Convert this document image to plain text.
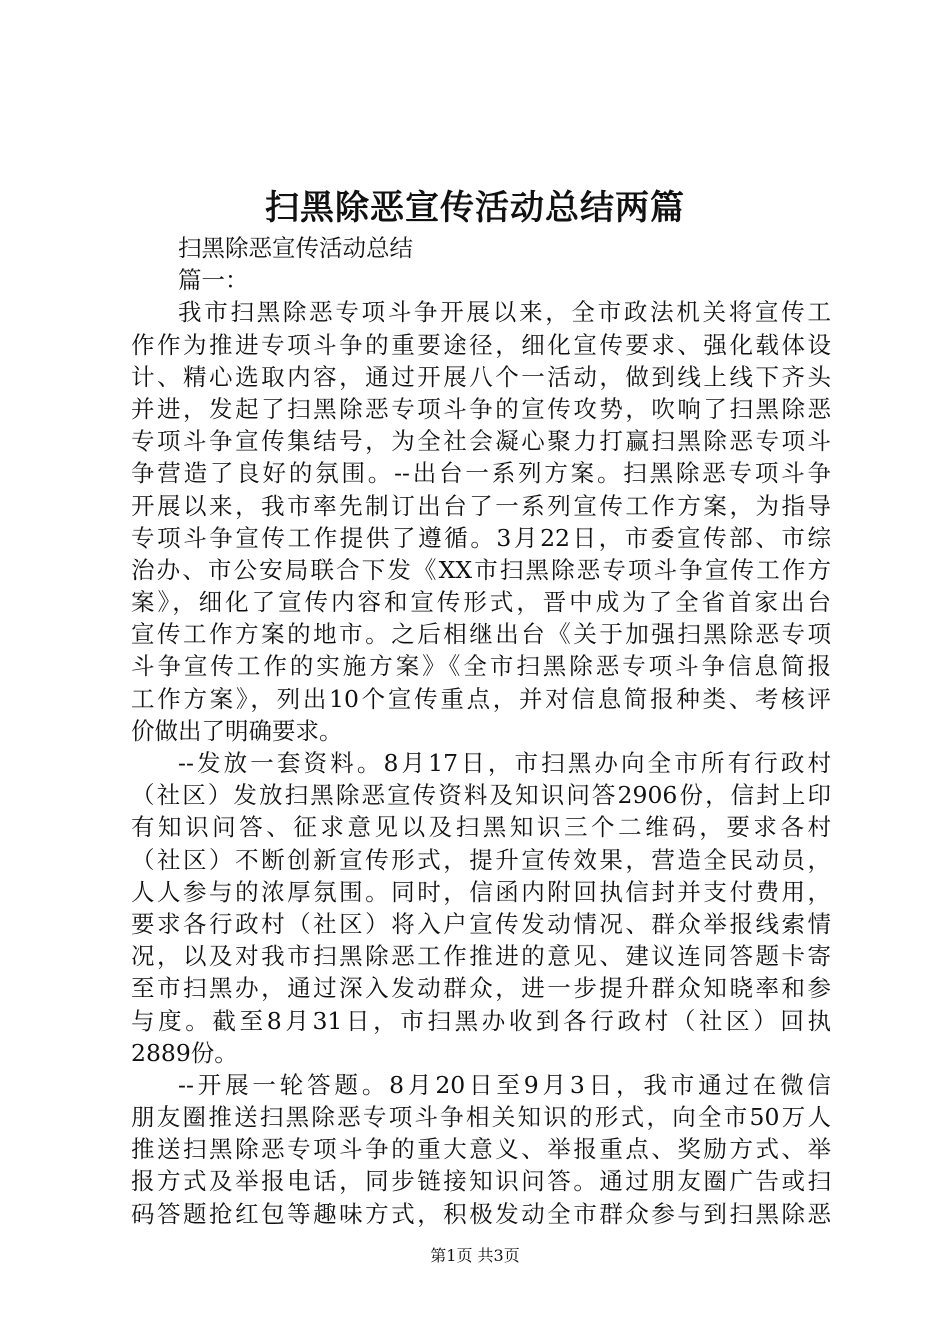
扫黑除恶宣传活动总结两篇
扫黑除恶宣传活动总结
篇一：
我市扫黑除恶专项斗争开展以来，全市政法机关将宣传工
作作为推进专项斗争的重要途径，细化宣传要求、强化载体设
计、精心选取内容，通过开展八个一活动，做到线上线下齐头
并进，发起了扫黑除恶专项斗争的宣传攻势，吹响了扫黑除恶
专项斗争宣传集结号，为全社会凝心聚力打赢扫黑除恶专项斗
争营造了良好的氛围。--出台一系列方案。扫黑除恶专项斗争
开展以来，我市率先制订出台了一系列宣传工作方案，为指导
专项斗争宣传工作提供了遵循。3月22日，市委宣传部、市综
治办、市公安局联合下发《XX市扫黑除恶专项斗争宣传工作方
案》，细化了宣传内容和宣传形式，晋中成为了全省首家出台
宣传工作方案的地市。之后相继出台《关于加强扫黑除恶专项
斗争宣传工作的实施方案》《全市扫黑除恶专项斗争信息简报
工作方案》，列出10个宣传重点，并对信息简报种类、考核评
价做出了明确要求。
--发放一套资料。8月17日，市扫黑办向全市所有行政村
（社区）发放扫黑除恶宣传资料及知识问答2906份，信封上印
有知识问答、征求意见以及扫黑知识三个二维码，要求各村
（社区）不断创新宣传形式，提升宣传效果，营造全民动员，
人人参与的浓厚氛围。同时，信函内附回执信封并支付费用，
要求各行政村（社区）将入户宣传发动情况、群众举报线索情
况，以及对我市扫黑除恶工作推进的意见、建议连同答题卡寄
至市扫黑办，通过深入发动群众，进一步提升群众知晓率和参
与度。截至8月31日，市扫黑办收到各行政村（社区）回执
2889份。
--开展一轮答题。8月20日至9月3日，我市通过在微信
朋友圈推送扫黑除恶专项斗争相关知识的形式，向全市50万人
推送扫黑除恶专项斗争的重大意义、举报重点、奖励方式、举
报方式及举报电话，同步链接知识问答。通过朋友圈广告或扫
码答题抢红包等趣味方式，积极发动全市群众参与到扫黑除恶
第1页 共3页
